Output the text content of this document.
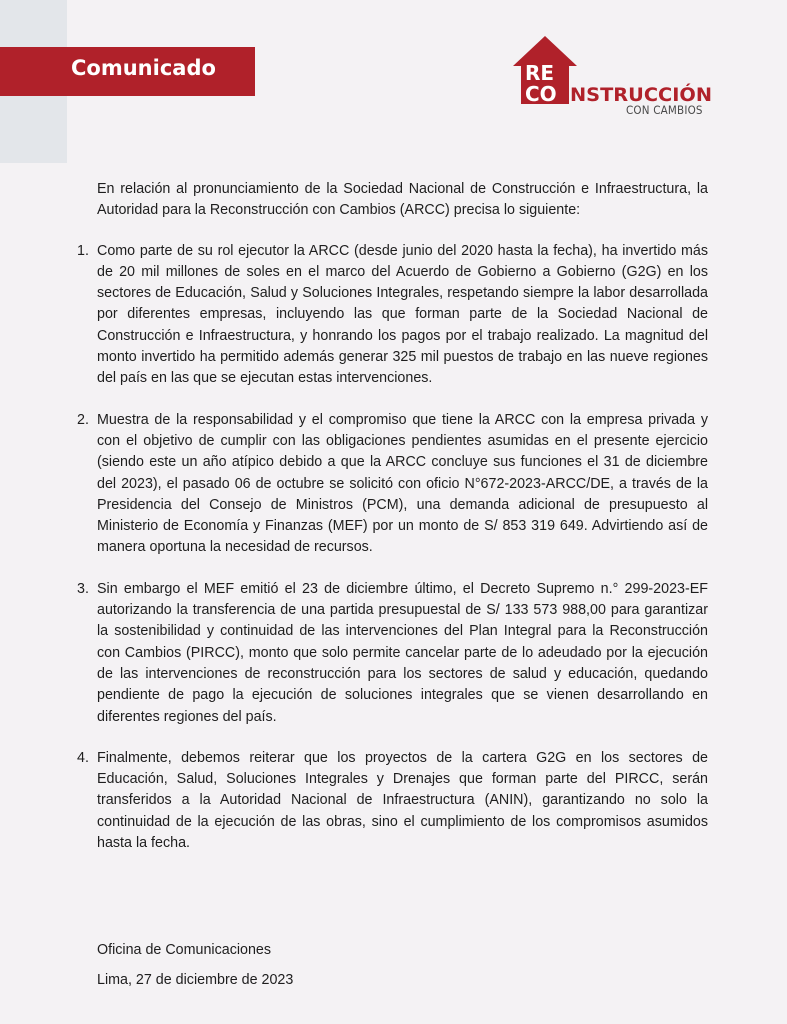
Comunicado	RE
CO NSTRUCCIÓN
CON CAMBIOS

En relación al pronunciamiento de la Sociedad Nacional de Construcción e Infraestructura, la Autoridad para la Reconstrucción con Cambios (ARCC) precisa lo siguiente:

1. Como parte de su rol ejecutor la ARCC (desde junio del 2020 hasta la fecha), ha invertido más de 20 mil millones de soles en el marco del Acuerdo de Gobierno a Gobierno (G2G) en los sectores de Educación, Salud y Soluciones Integrales, respetando siempre la labor desarrollada por diferentes empresas, incluyendo las que forman parte de la Sociedad Nacional de Construcción e Infraestructura, y honrando los pagos por el trabajo realizado. La magnitud del monto invertido ha permitido además generar 325 mil puestos de trabajo en las nueve regiones del país en las que se ejecutan estas intervenciones.
2. Muestra de la responsabilidad y el compromiso que tiene la ARCC con la empresa privada y con el objetivo de cumplir con las obligaciones pendientes asumidas en el presente ejercicio (siendo este un año atípico debido a que la ARCC concluye sus funciones el 31 de diciembre del 2023), el pasado 06 de octubre se solicitó con oficio N°672-2023-ARCC/DE, a través de la Presidencia del Consejo de Ministros (PCM), una demanda adicional de presupuesto al Ministerio de Economía y Finanzas (MEF) por un monto de S/ 853 319 649. Advirtiendo así de manera oportuna la necesidad de recursos.
3. Sin embargo el MEF emitió el 23 de diciembre último, el Decreto Supremo n.° 299-2023-EF autorizando la transferencia de una partida presupuestal de S/ 133 573 988,00 para garantizar la sostenibilidad y continuidad de las intervenciones del Plan Integral para la Reconstrucción con Cambios (PIRCC), monto que solo permite cancelar parte de lo adeudado por la ejecución de las intervenciones de reconstrucción para los sectores de salud y educación, quedando pendiente de pago la ejecución de soluciones integrales que se vienen desarrollando en diferentes regiones del país.
4. Finalmente, debemos reiterar que los proyectos de la cartera G2G en los sectores de Educación, Salud, Soluciones Integrales y Drenajes que forman parte del PIRCC, serán transferidos a la Autoridad Nacional de Infraestructura (ANIN), garantizando no solo la continuidad de la ejecución de las obras, sino el cumplimiento de los compromisos asumidos hasta la fecha.
Oficina de Comunicaciones
Lima, 27 de diciembre de 2023
